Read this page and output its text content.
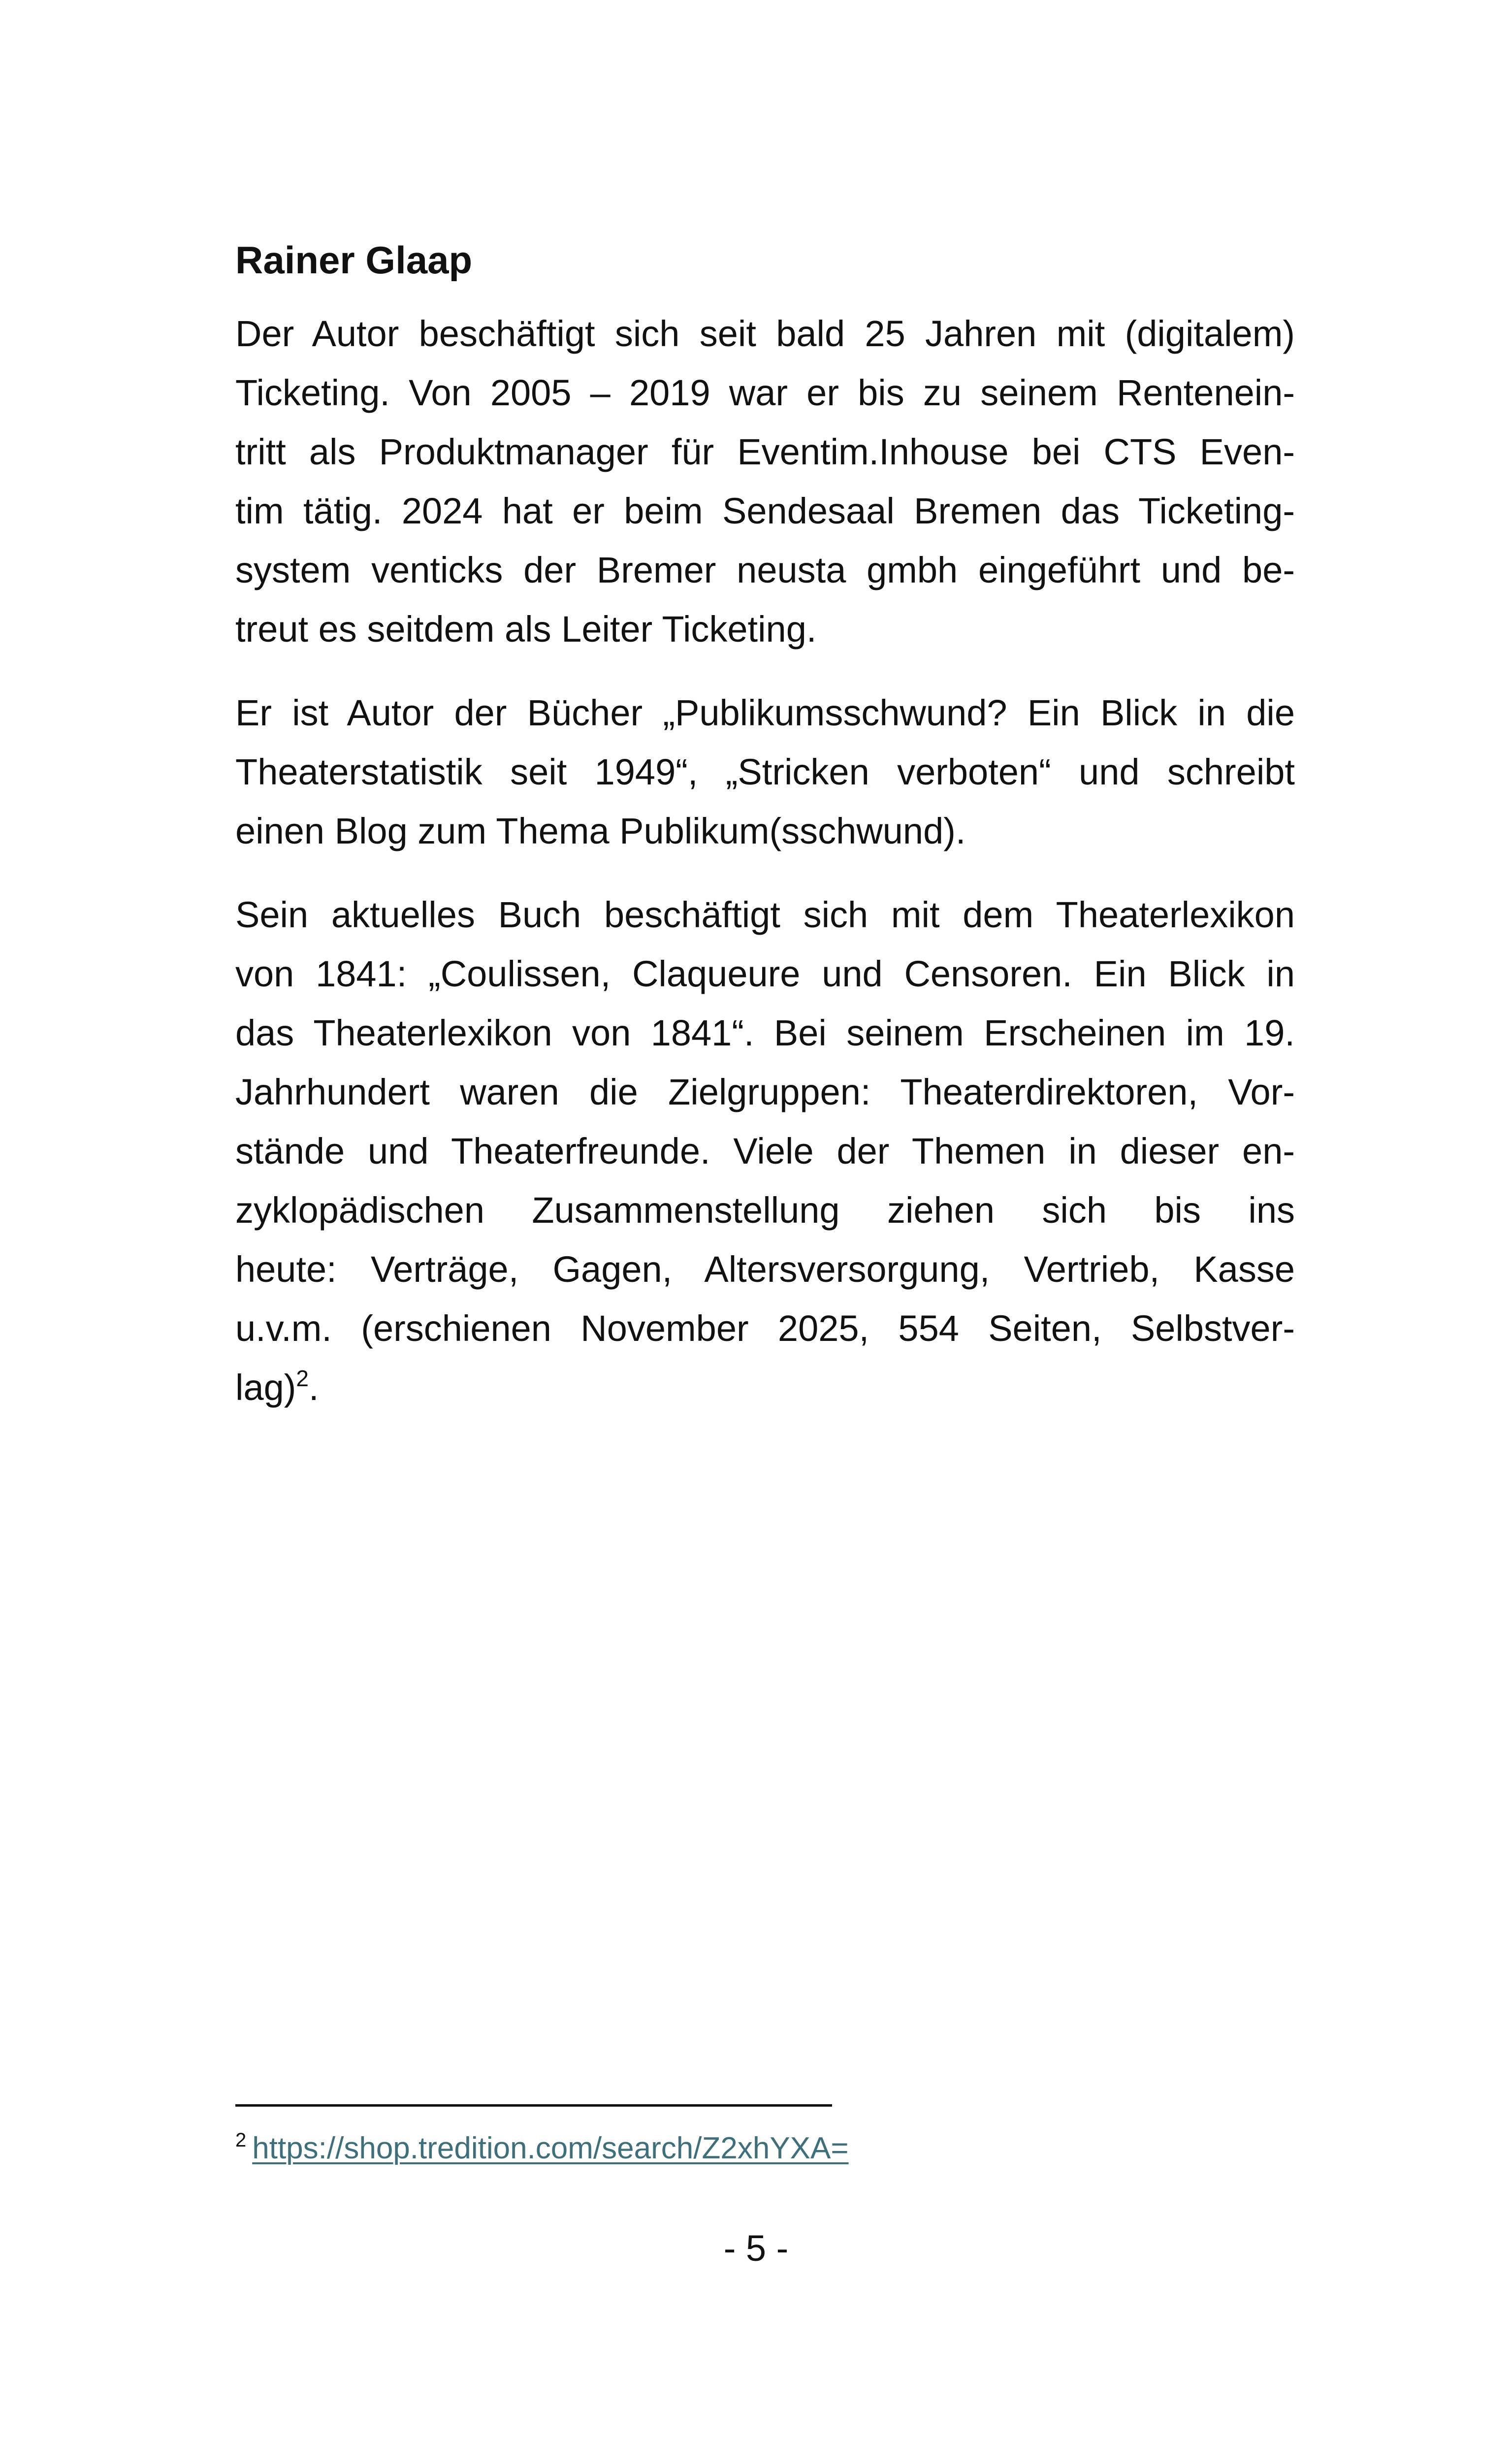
Rainer Glaap

Der Autor beschäftigt sich seit bald 25 Jahren mit (digitalem)

Ticketing. Von 2005 – 2019 war er bis zu seinem Rentenein-

tritt als Produktmanager für Eventim.Inhouse bei CTS Even-

tim tätig. 2024 hat er beim Sendesaal Bremen das Ticketing-

system venticks der Bremer neusta gmbh eingeführt und be-

treut es seitdem als Leiter Ticketing.

Er ist Autor der Bücher „Publikumsschwund? Ein Blick in die

Theaterstatistik seit 1949“, „Stricken verboten“ und schreibt

einen Blog zum Thema Publikum(sschwund).

Sein aktuelles Buch beschäftigt sich mit dem Theaterlexikon

von 1841: „Coulissen, Claqueure und Censoren. Ein Blick in

das Theaterlexikon von 1841“. Bei seinem Erscheinen im 19.

Jahrhundert waren die Zielgruppen: Theaterdirektoren, Vor-

stände und Theaterfreunde. Viele der Themen in dieser en-

zyklopädischen Zusammenstellung ziehen sich bis ins

heute: Verträge, Gagen, Altersversorgung, Vertrieb, Kasse

u.v.m. (erschienen November 2025, 554 Seiten, Selbstver-

lag)$^2$.

$^2$ https://shop.tredition.com/search/Z2xhYXA=
- 5 -
